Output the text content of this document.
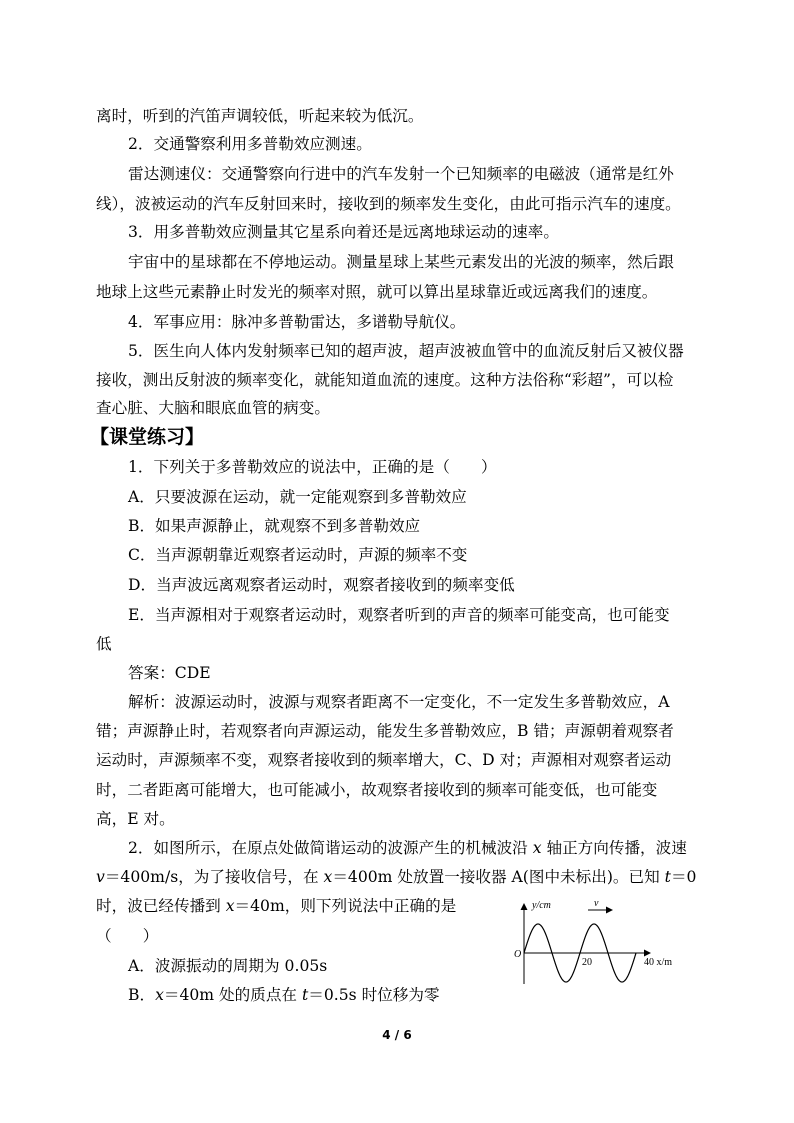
离时，听到的汽笛声调较低，听起来较为低沉。
2．交通警察利用多普勒效应测速。
雷达测速仪：交通警察向行进中的汽车发射一个已知频率的电磁波（通常是红外
线），波被运动的汽车反射回来时，接收到的频率发生变化，由此可指示汽车的速度。
3．用多普勒效应测量其它星系向着还是远离地球运动的速率。
宇宙中的星球都在不停地运动。测量星球上某些元素发出的光波的频率，然后跟
地球上这些元素静止时发光的频率对照，就可以算出星球靠近或远离我们的速度。
4．军事应用：脉冲多普勒雷达，多谱勒导航仪。
5．医生向人体内发射频率已知的超声波，超声波被血管中的血流反射后又被仪器
接收，测出反射波的频率变化，就能知道血流的速度。这种方法俗称“彩超”，可以检
查心脏、大脑和眼底血管的病变。
【课堂练习】
1．下列关于多普勒效应的说法中，正确的是（　　）
A．只要波源在运动，就一定能观察到多普勒效应
B．如果声源静止，就观察不到多普勒效应
C．当声源朝靠近观察者运动时，声源的频率不变
D．当声波远离观察者运动时，观察者接收到的频率变低
E．当声源相对于观察者运动时，观察者听到的声音的频率可能变高，也可能变
低
答案：CDE
解析：波源运动时，波源与观察者距离不一定变化，不一定发生多普勒效应，A
错；声源静止时，若观察者向声源运动，能发生多普勒效应，B 错；声源朝着观察者
运动时，声源频率不变，观察者接收到的频率增大，C、D 对；声源相对观察者运动
时，二者距离可能增大，也可能减小，故观察者接收到的频率可能变低，也可能变
高，E 对。
2．如图所示，在原点处做简谐运动的波源产生的机械波沿 x 轴正方向传播，波速
v＝400m/s，为了接收信号，在 x＝400m 处放置一接收器 A(图中未标出)。已知 t＝0
时，波已经传播到 x＝40m，则下列说法中正确的是
（　　）
A．波源振动的周期为 0.05s
B．x＝40m 处的质点在 t＝0.5s 时位移为零
y/cm	v
O
20	40 x/m
4 / 6
